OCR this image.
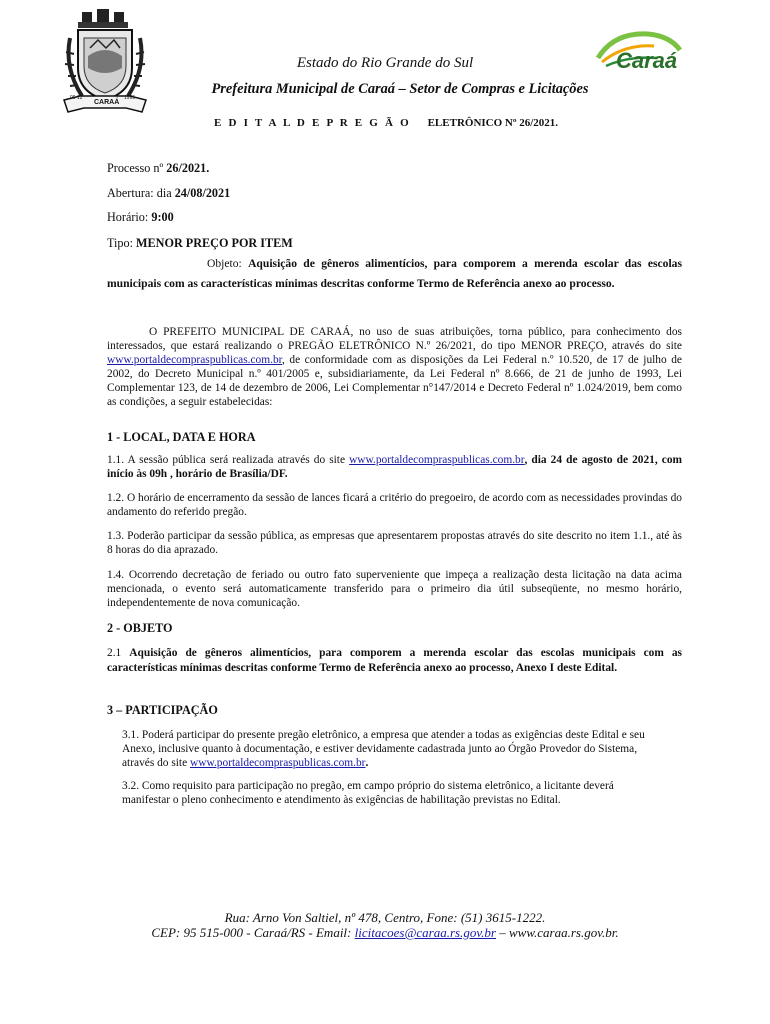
CARAÁ
06 12	1995
Caraá
Estado do Rio Grande do Sul
Prefeitura Municipal de Caraá – Setor de Compras e Licitações
E D I T A L D E P R E G Ã O ELETRÔNICO Nº 26/2021.
Processo nº 26/2021.
Abertura: dia 24/08/2021
Horário: 9:00
Tipo: MENOR PREÇO POR ITEM
Objeto: Aquisição de gêneros alimentícios, para comporem a merenda escolar das escolas municipais com as características mínimas descritas conforme Termo de Referência anexo ao processo.
O PREFEITO MUNICIPAL DE CARAÁ, no uso de suas atribuições, torna público, para conhecimento dos interessados, que estará realizando o PREGÃO ELETRÔNICO N.º 26/2021, do tipo MENOR PREÇO, através do site www.portaldecompraspublicas.com.br, de conformidade com as disposições da Lei Federal n.º 10.520, de 17 de julho de 2002, do Decreto Municipal n.º 401/2005 e, subsidiariamente, da Lei Federal nº 8.666, de 21 de junho de 1993, Lei Complementar 123, de 14 de dezembro de 2006, Lei Complementar n°147/2014 e Decreto Federal nº 1.024/2019, bem como as condições, a seguir estabelecidas:
1 - LOCAL, DATA E HORA
1.1. A sessão pública será realizada através do site www.portaldecompraspublicas.com.br, dia 24 de agosto de 2021, com início às 09h , horário de Brasília/DF.
1.2. O horário de encerramento da sessão de lances ficará a critério do pregoeiro, de acordo com as necessidades provindas do andamento do referido pregão.
1.3. Poderão participar da sessão pública, as empresas que apresentarem propostas através do site descrito no item 1.1., até às 8 horas do dia aprazado.
1.4. Ocorrendo decretação de feriado ou outro fato superveniente que impeça a realização desta licitação na data acima mencionada, o evento será automaticamente transferido para o primeiro dia útil subseqüente, no mesmo horário, independentemente de nova comunicação.
2 - OBJETO
2.1 Aquisição de gêneros alimentícios, para comporem a merenda escolar das escolas municipais com as características mínimas descritas conforme Termo de Referência anexo ao processo, Anexo I deste Edital.
3 – PARTICIPAÇÃO
3.1. Poderá participar do presente pregão eletrônico, a empresa que atender a todas as exigências deste Edital e seu Anexo, inclusive quanto à documentação, e estiver devidamente cadastrada junto ao Órgão Provedor do Sistema, através do site www.portaldecompraspublicas.com.br.
3.2. Como requisito para participação no pregão, em campo próprio do sistema eletrônico, a licitante deverá manifestar o pleno conhecimento e atendimento às exigências de habilitação previstas no Edital.
Rua: Arno Von Saltiel, nº 478, Centro, Fone: (51) 3615-1222.
CEP: 95 515-000 - Caraá/RS - Email: licitacoes@caraa.rs.gov.br – www.caraa.rs.gov.br.
